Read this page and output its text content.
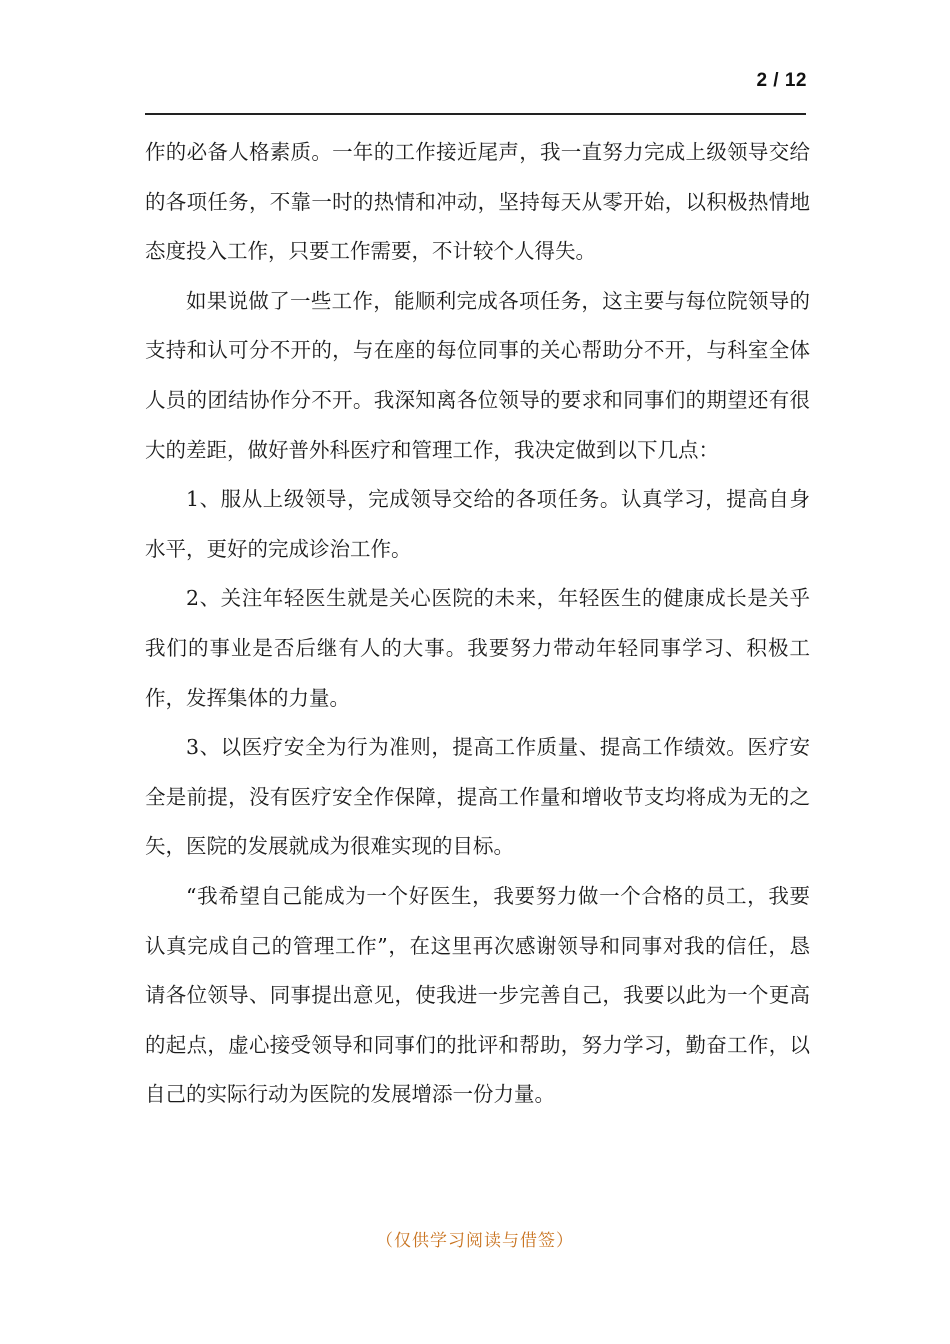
2 / 12

作的必备人格素质。一年的工作接近尾声，我一直努力完成上级领导交给的各项任务，不靠一时的热情和冲动，坚持每天从零开始，以积极热情地态度投入工作，只要工作需要，不计较个人得失。

如果说做了一些工作，能顺利完成各项任务，这主要与每位院领导的支持和认可分不开的，与在座的每位同事的关心帮助分不开，与科室全体人员的团结协作分不开。我深知离各位领导的要求和同事们的期望还有很大的差距，做好普外科医疗和管理工作，我决定做到以下几点：

1、服从上级领导，完成领导交给的各项任务。认真学习，提高自身水平，更好的完成诊治工作。

2、关注年轻医生就是关心医院的未来，年轻医生的健康成长是关乎我们的事业是否后继有人的大事。我要努力带动年轻同事学习、积极工作，发挥集体的力量。

3、以医疗安全为行为准则，提高工作质量、提高工作绩效。医疗安全是前提，没有医疗安全作保障，提高工作量和增收节支均将成为无的之矢，医院的发展就成为很难实现的目标。

“我希望自己能成为一个好医生，我要努力做一个合格的员工，我要认真完成自己的管理工作”，在这里再次感谢领导和同事对我的信任，恳请各位领导、同事提出意见，使我进一步完善自己，我要以此为一个更高的起点，虚心接受领导和同事们的批评和帮助，努力学习，勤奋工作，以自己的实际行动为医院的发展增添一份力量。

（仅供学习阅读与借签）
